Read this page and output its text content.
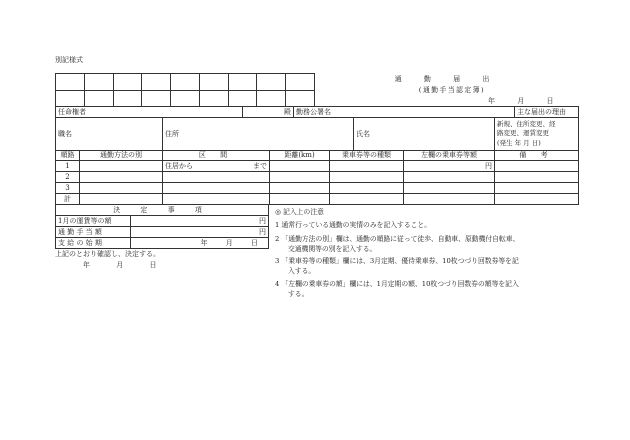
別記様式
通 勤 届 出
(通勤手当認定簿)
年 月 日

任命権者	殿	勤務公署名	主な届出の理由
職名	住所	氏名	
新規、住所変更、経
路変更、運賃変更
(発生 年 月 日)
順路	通勤方法の別	区 間	距離(km)	乗車券等の種類	左欄の乗車券等額	備 考
1		住居から まで			円	
2						
3						
計						
決 定 事 項	
1月の運賃等の額	円
通 勤 手 当 額	円
支 給 の 始 期	年 月 日
上記のとおり確認し、決定する。
年 月 日
◎ 記入上の注意
1 通常行っている通勤の実情のみを記入すること。
2 「通勤方法の別」欄は、通勤の順路に従って徒歩、自動車、原動機付自転車、
交通機関等の別を記入する。
3 「乗車券等の種類」欄には、3月定期、優待乗車券、10枚つづり回数券等を記
入する。
4 「左欄の乗車券の額」欄には、1月定期の額、10枚つづり回数券の額等を記入
する。
